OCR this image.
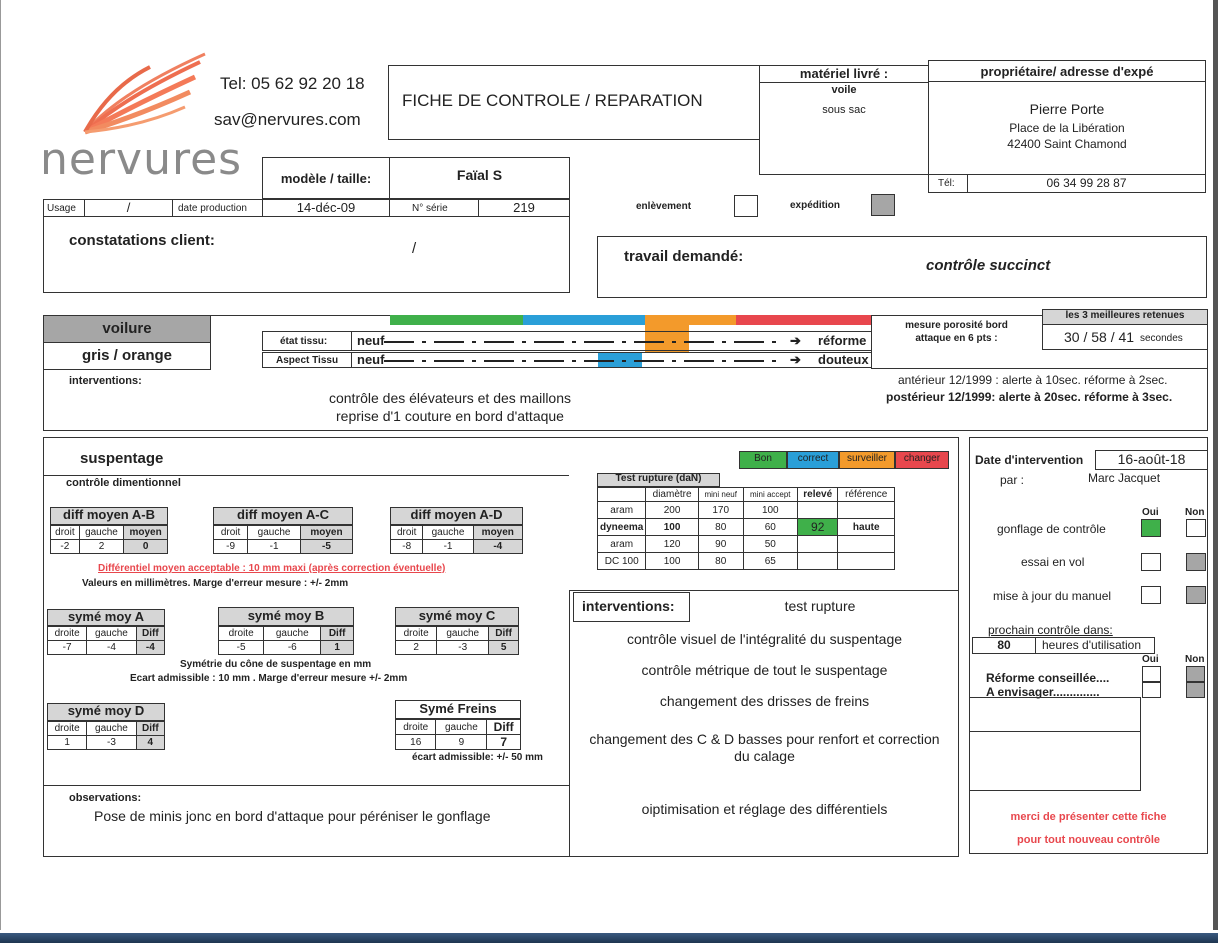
nervures
Tel: 05 62 92 20 18
sav@nervures.com
FICHE DE CONTROLE / REPARATION
matériel livré :
voile
sous sac
propriétaire/ adresse d'expé
Pierre Porte
Place de la Libération
42400 Saint Chamond
Tél:	06 34 99 28 87
modèle / taille:	Faïal S
Usage	/	date production	14-déc-09	N° série	219	enlèvement	expédition
constatations client:	/	travail demandé:
contrôle succinct
voilure
gris / orange
état tissu: neuf	➔ réforme
Aspect Tissu neuf	➔ douteux
mesure porosité bord
attaque en 6 pts :
les 3 meilleures retenues
30 / 58 / 41 secondes
antérieur 12/1999 : alerte à 10sec. réforme à 2sec.
postérieur 12/1999: alerte à 20sec. réforme à 3sec.
interventions:
contrôle des élévateurs et des maillons
reprise d'1 couture en bord d'attaque
suspentage
contrôle dimentionnel
Bon	correct	surveiller	changer
diff moyen A-B
droit	gauche	moyen
-2	2	0
diff moyen A-C
droit	gauche	moyen
-9	-1	-5
diff moyen A-D
droit	gauche	moyen
-8	-1	-4
Différentiel moyen acceptable : 10 mm maxi (après correction éventuelle)
Valeurs en millimètres. Marge d'erreur mesure : +/- 2mm
symé moy A
droite	gauche	Diff
-7	-4	-4
symé moy B
droite	gauche	Diff
-5	-6	1
symé moy C
droite	gauche	Diff
2	-3	5
Symétrie du cône de suspentage en mm
Ecart admissible : 10 mm . Marge d'erreur mesure +/- 2mm
symé moy D
droite	gauche	Diff
1	-3	4
Symé Freins
droite	gauche	Diff
16	9	7
écart admissible: +/- 50 mm
Test rupture (daN)
	diamètre	mini neuf	mini accept	relevé	référence
aram	200	170	100		
dyneema	100	80	60	92	haute
aram	120	90	50		
DC 100	100	80	65		
observations:
Pose de minis jonc en bord d'attaque pour péréniser le gonflage
interventions:	test rupture
contrôle visuel de l'intégralité du suspentage
contrôle métrique de tout le suspentage
changement des drisses de freins
changement des C & D basses pour renfort et correction
du calage
oiptimisation et réglage des différentiels
Date d'intervention	16-août-18
par :	Marc Jacquet
Oui	Non
gonflage de contrôle
essai en vol
mise à jour du manuel
prochain contrôle dans:
80	heures d'utilisation
Oui	Non
Réforme conseillée....
A envisager..............
merci de présenter cette fiche
pour tout nouveau contrôle
